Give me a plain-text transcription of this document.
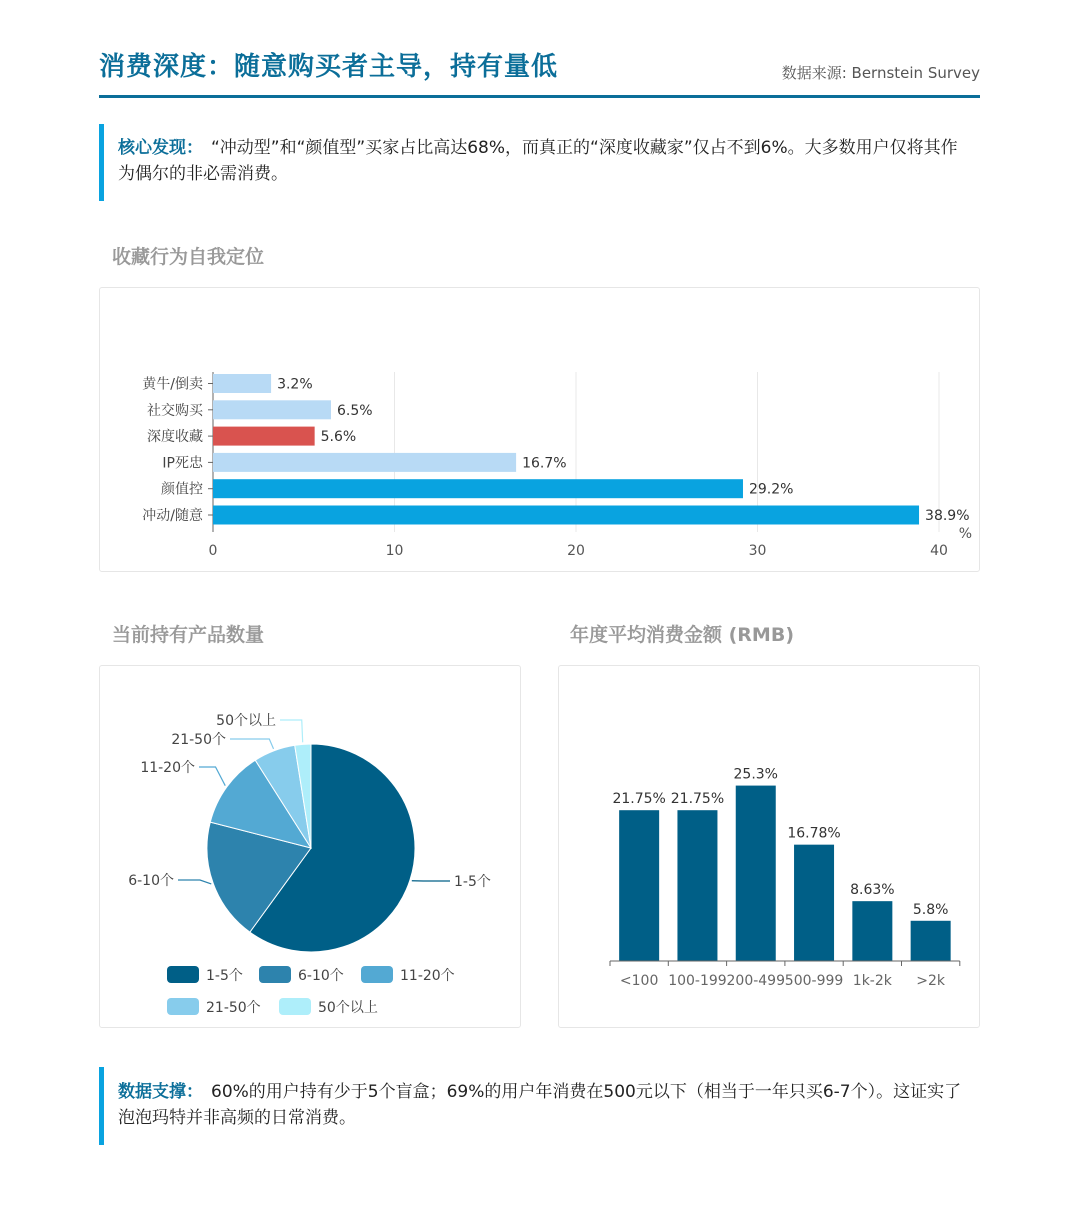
消费深度：随意购买者主导，持有量低	数据来源: Bernstein Survey
核心发现： “冲动型”和“颜值型”买家占比高达68%，而真正的“深度收藏家”仅占不到6%。大多数用户仅将其作为偶尔的非必需消费。
收藏行为自我定位
0	10	20	30	40
黄牛/倒卖	3.2%
社交购买	6.5%
深度收藏	5.6%
IP死忠	16.7%
颜值控	29.2%
冲动/随意	38.9%
%
当前持有产品数量
1-5个
6-10个
11-20个
21-50个
50个以上
1-5个	6-10个	11-20个
21-50个	50个以上
年度平均消费金额 (RMB)
21.75%
<100
21.75%
100-199
25.3%
200-499
16.78%
500-999
8.63%
1k-2k
5.8%
>2k
数据支撑： 60%的用户持有少于5个盲盒；69%的用户年消费在500元以下（相当于一年只买6-7个）。这证实了泡泡玛特并非高频的日常消费。
